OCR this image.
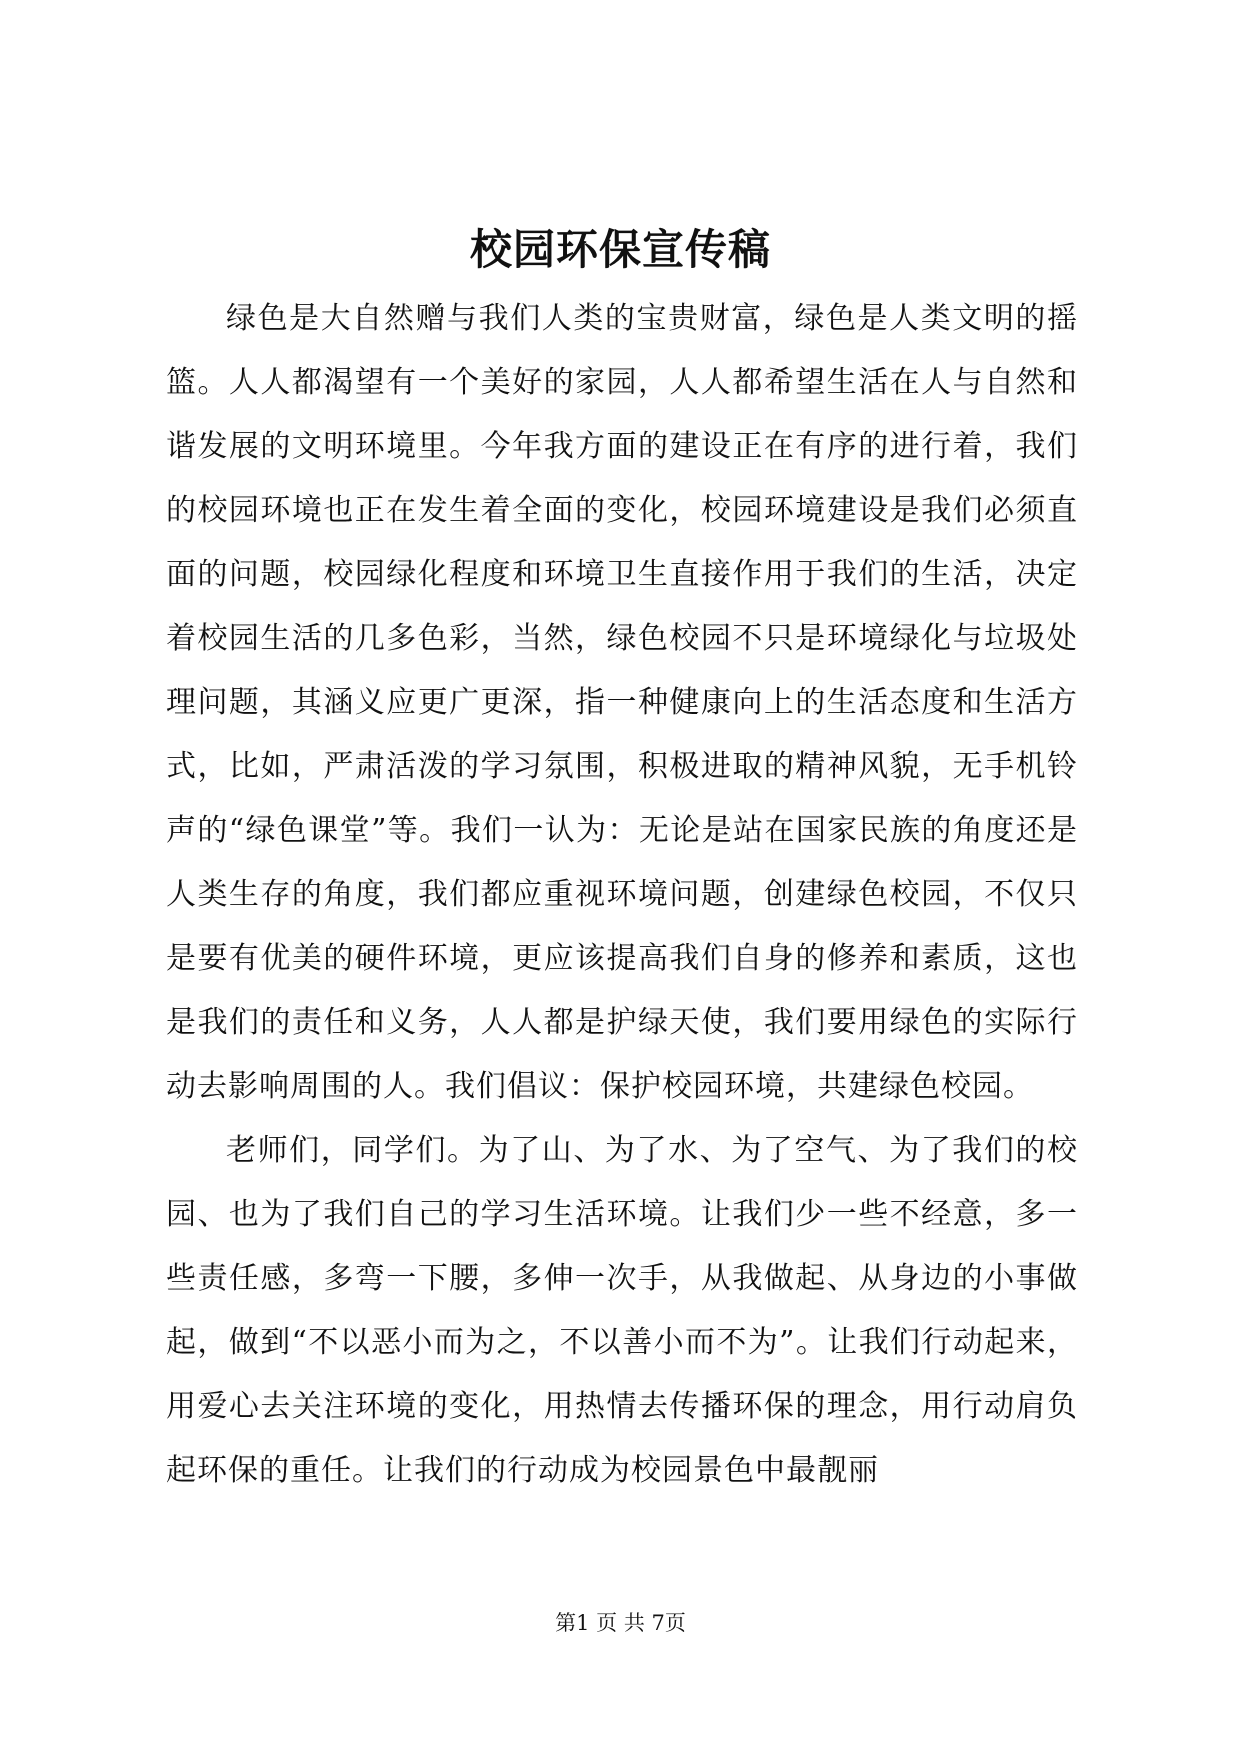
校园环保宣传稿

绿色是大自然赠与我们人类的宝贵财富，绿色是人类文明的摇篮。人人都渴望有一个美好的家园，人人都希望生活在人与自然和谐发展的文明环境里。今年我方面的建设正在有序的进行着，我们的校园环境也正在发生着全面的变化，校园环境建设是我们必须直面的问题，校园绿化程度和环境卫生直接作用于我们的生活，决定着校园生活的几多色彩，当然，绿色校园不只是环境绿化与垃圾处理问题，其涵义应更广更深，指一种健康向上的生活态度和生活方式，比如，严肃活泼的学习氛围，积极进取的精神风貌，无手机铃声的“绿色课堂”等。我们一认为：无论是站在国家民族的角度还是人类生存的角度，我们都应重视环境问题，创建绿色校园，不仅只是要有优美的硬件环境，更应该提高我们自身的修养和素质，这也是我们的责任和义务，人人都是护绿天使，我们要用绿色的实际行动去影响周围的人。我们倡议：保护校园环境，共建绿色校园。

老师们，同学们。为了山、为了水、为了空气、为了我们的校园、也为了我们自己的学习生活环境。让我们少一些不经意，多一些责任感，多弯一下腰，多伸一次手，从我做起、从身边的小事做起，做到“不以恶小而为之，不以善小而不为”。让我们行动起来，用爱心去关注环境的变化，用热情去传播环保的理念，用行动肩负起环保的重任。让我们的行动成为校园景色中最靓丽

第1 页 共 7页
